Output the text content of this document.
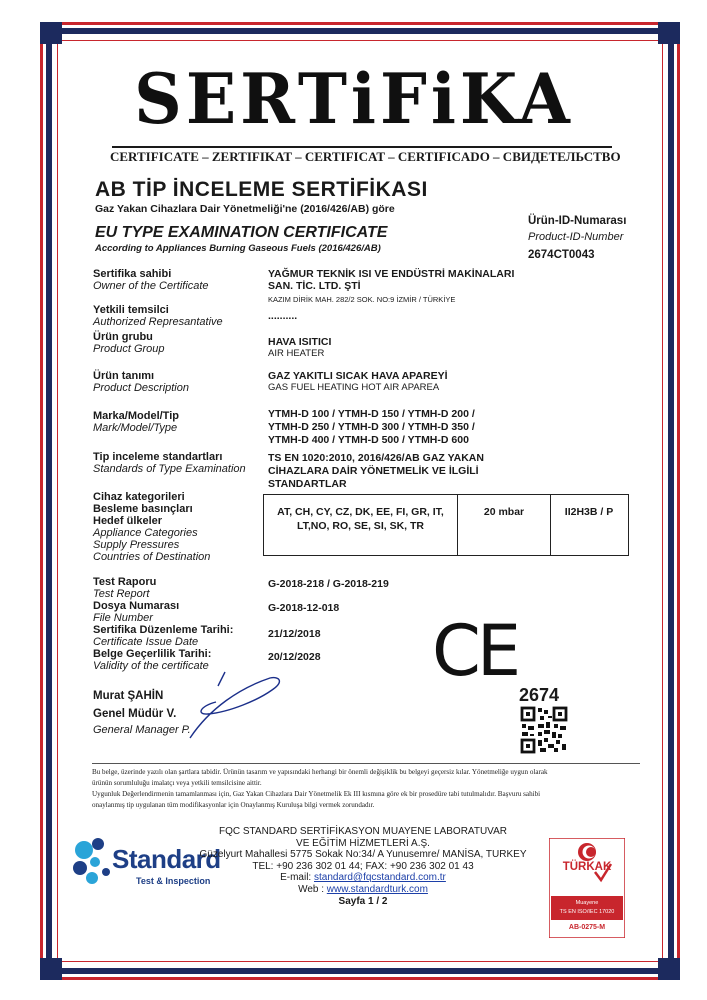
SERTiFiKA
CERTIFICATE – ZERTIFIKAT – CERTIFICAT – CERTIFICADO – СВИДЕТЕЛЬСТВО
AB TİP İNCELEME SERTİFİKASI
Gaz Yakan Cihazlara Dair Yönetmeliği'ne (2016/426/AB) göre
EU TYPE EXAMINATION CERTIFICATE
According to Appliances Burning Gaseous Fuels (2016/426/AB)
Ürün-ID-Numarası
Product-ID-Number
2674CT0043
Sertifika sahibi
Owner of the Certificate
YAĞMUR TEKNİK ISI VE ENDÜSTRİ MAKİNALARI
SAN. TİC. LTD. ŞTİ
KAZIM DİRİK MAH. 282/2 SOK. NO:9 İZMİR / TÜRKİYE
Yetkili temsilci
Authorized Represantative	..........
Ürün grubu
Product Group
HAVA ISITICI
AIR HEATER
Ürün tanımı
Product Description
GAZ YAKITLI SICAK HAVA APAREYİ
GAS FUEL HEATING HOT AIR APAREA
Marka/Model/Tip
Mark/Model/Type
YTMH-D 100 / YTMH-D 150 / YTMH-D 200 /
YTMH-D 250 / YTMH-D 300 / YTMH-D 350 /
YTMH-D 400 / YTMH-D 500 / YTMH-D 600
Tip inceleme standartları
Standards of Type Examination
TS EN 1020:2010, 2016/426/AB GAZ YAKAN
CİHAZLARA DAİR YÖNETMELİK VE İLGİLİ
STANDARTLAR
Cihaz kategorileri
Besleme basınçları
Hedef ülkeler
Appliance Categories
Supply Pressures
Countries of Destination
AT, CH, CY, CZ, DK, EE, FI, GR, IT,
LT,NO, RO, SE, SI, SK, TR
20 mbar	II2H3B / P
Test Raporu
Test Report
G-2018-218 / G-2018-219
Dosya Numarası
File Number
G-2018-12-018
Sertifika Düzenleme Tarihi:
Certificate Issue Date
21/12/2018
Belge Geçerlilik Tarihi:
Validity of the certificate
20/12/2028 CE
2674
Murat ŞAHİN
Genel Müdür V.
General Manager P.
Bu belge, üzerinde yazılı olan şartlara tabidir. Ürünün tasarım ve yapısındaki herhangi bir önemli değişiklik bu belgeyi geçersiz kılar. Yönetmeliğe uygun olarak
ürünün sorumluluğu imalatçı veya yetkili temsilcisine aittir.
Uygunluk Değerlendirmenin tamamlanması için, Gaz Yakan Cihazlara Dair Yönetmelik Ek III kısmına göre ek bir prosedüre tabi tutulmalıdır. Başvuru sahibi
onaylanmış tip uygulanan tüm modifikasyonlar için Onaylanmış Kuruluşa bilgi vermek zorundadır.
Standard
Test & Inspection
FQC STANDARD SERTİFİKASYON MUAYENE LABORATUVAR
VE EĞİTİM HİZMETLERİ A.Ş.
Güzelyurt Mahallesi 5775 Sokak No:34/ A Yunusemre/ MANİSA, TURKEY
TEL: +90 236 302 01 44; FAX: +90 236 302 01 43
E-mail: standard@fqcstandard.com.tr
Web : www.standardturk.com
Sayfa 1 / 2
TÜRKAK
Muayene
TS EN ISO/IEC 17020
AB-0275-M
